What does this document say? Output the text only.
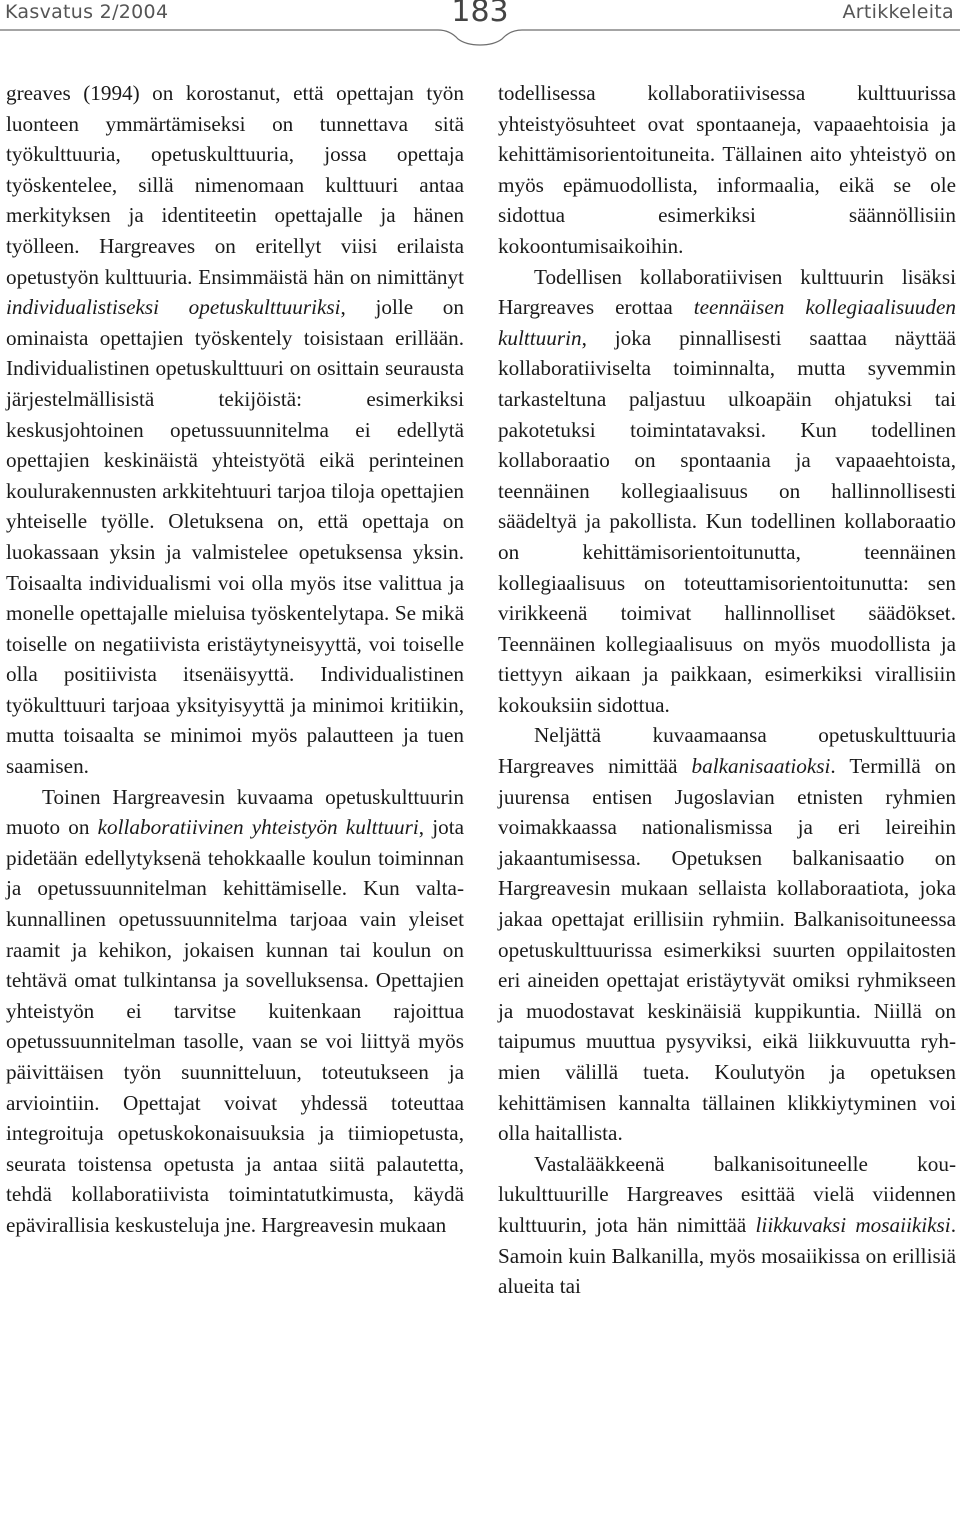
Kasvatus 2/2004	183	Artikkeleita

greaves (1994) on korostanut, että opettajan työn luonteen ymmärtämiseksi on tunnettava sitä työkulttuuria, opetuskulttuuria, jossa opettaja työskentelee, sillä nimenomaan kulttuuri antaa merkityksen ja identiteetin opettajalle ja hänen työlleen. Hargreaves on eritellyt viisi erilaista opetustyön kulttuuria. Ensimmäistä hän on nimittänyt individualistiseksi opetuskulttuuriksi, jolle on ominaista opettajien työskentely toisistaan erillään. Individualistinen opetuskulttuuri on osittain seurausta järjestelmällisistä tekijöistä: esimerkiksi keskusjohtoinen opetussuunnitelma ei edellytä opettajien keskinäistä yhteistyötä eikä perinteinen koulurakennusten arkkitehtuuri tarjoa tiloja opettajien yhteiselle työlle. Oletuksena on, että opettaja on luokassaan yksin ja valmistelee opetuksensa yksin. Toisaalta individualismi voi olla myös itse valittua ja monelle opettajalle mieluisa työskentelytapa. Se mikä toiselle on negatiivista eristäytyneisyyttä, voi toiselle olla positiivista itsenäisyyttä. Individualistinen työkulttuuri tarjoaa yksityisyyttä ja minimoi kritiikin, mutta toisaalta se minimoi myös palautteen ja tuen saamisen.

Toinen Hargreavesin kuvaama opetuskulttuurin muoto on kollaboratiivinen yhteistyön kulttuuri, jota pidetään edellytyksenä tehokkaalle koulun toiminnan ja opetussuunnitelman kehittämiselle. Kun valtakunnallinen opetussuunnitelma tarjoaa vain yleiset raamit ja kehikon, jokaisen kunnan tai koulun on tehtävä omat tulkintansa ja sovelluksensa. Opettajien yhteistyön ei tarvitse kuitenkaan rajoittua opetussuunnitelman tasolle, vaan se voi liittyä myös päivittäisen työn suunnitteluun, toteutukseen ja arviointiin. Opettajat voivat yhdessä toteuttaa integroituja opetuskokonaisuuksia ja tiimiopetusta, seurata toistensa opetusta ja antaa siitä palautetta, tehdä kollaboratiivista toimintatutkimusta, käydä epävirallisia keskusteluja jne. Hargreavesin mukaan

todellisessa kollaboratiivisessa kulttuurissa yhteistyösuhteet ovat spontaaneja, vapaaehtoisia ja kehittämisorientoituneita. Tällainen aito yhteistyö on myös epämuodollista, informaalia, eikä se ole sidottua esimerkiksi säännöllisiin kokoontumisaikoihin.

Todellisen kollaboratiivisen kulttuurin lisäksi Hargreaves erottaa teennäisen kollegiaalisuuden kulttuurin, joka pinnallisesti saattaa näyttää kollaboratiiviselta toiminnalta, mutta syvemmin tarkasteltuna paljastuu ulkoapäin ohjatuksi tai pakotetuksi toimintatavaksi. Kun todellinen kollaboraatio on spontaania ja vapaaehtoista, teennäinen kollegiaalisuus on hallinnollisesti säädeltyä ja pakollista. Kun todellinen kollaboraatio on kehittämisorientoitunutta, teennäinen kollegiaalisuus on toteuttamisorientoitunutta: sen virikkeenä toimivat hallinnolliset säädökset. Teennäinen kollegiaalisuus on myös muodollista ja tiettyyn aikaan ja paikkaan, esimerkiksi virallisiin kokouksiin sidottua.

Neljättä kuvaamaansa opetuskulttuuria Hargreaves nimittää balkanisaatioksi. Termillä on juurensa entisen Jugoslavian etnisten ryhmien voimakkaassa nationalismissa ja eri leireihin jakaantumisessa. Opetuksen balkanisaatio on Hargreavesin mukaan sellaista kollaboraatiota, joka jakaa opettajat erillisiin ryhmiin. Balkanisoituneessa opetuskulttuurissa esimerkiksi suurten oppilaitosten eri aineiden opettajat eristäytyvät omiksi ryhmikseen ja muodostavat keskinäisiä kuppikuntia. Niillä on taipumus muuttua pysyviksi, eikä liikkuvuutta ryhmien välillä tueta. Koulutyön ja opetuksen kehittämisen kannalta tällainen klikkiytyminen voi olla haitallista.

Vastalääkkeenä balkanisoituneelle koulukulttuurille Hargreaves esittää vielä viidennen kulttuurin, jota hän nimittää liikkuvaksi mosaiikiksi. Samoin kuin Balkanilla, myös mosaiikissa on erillisiä alueita tai
